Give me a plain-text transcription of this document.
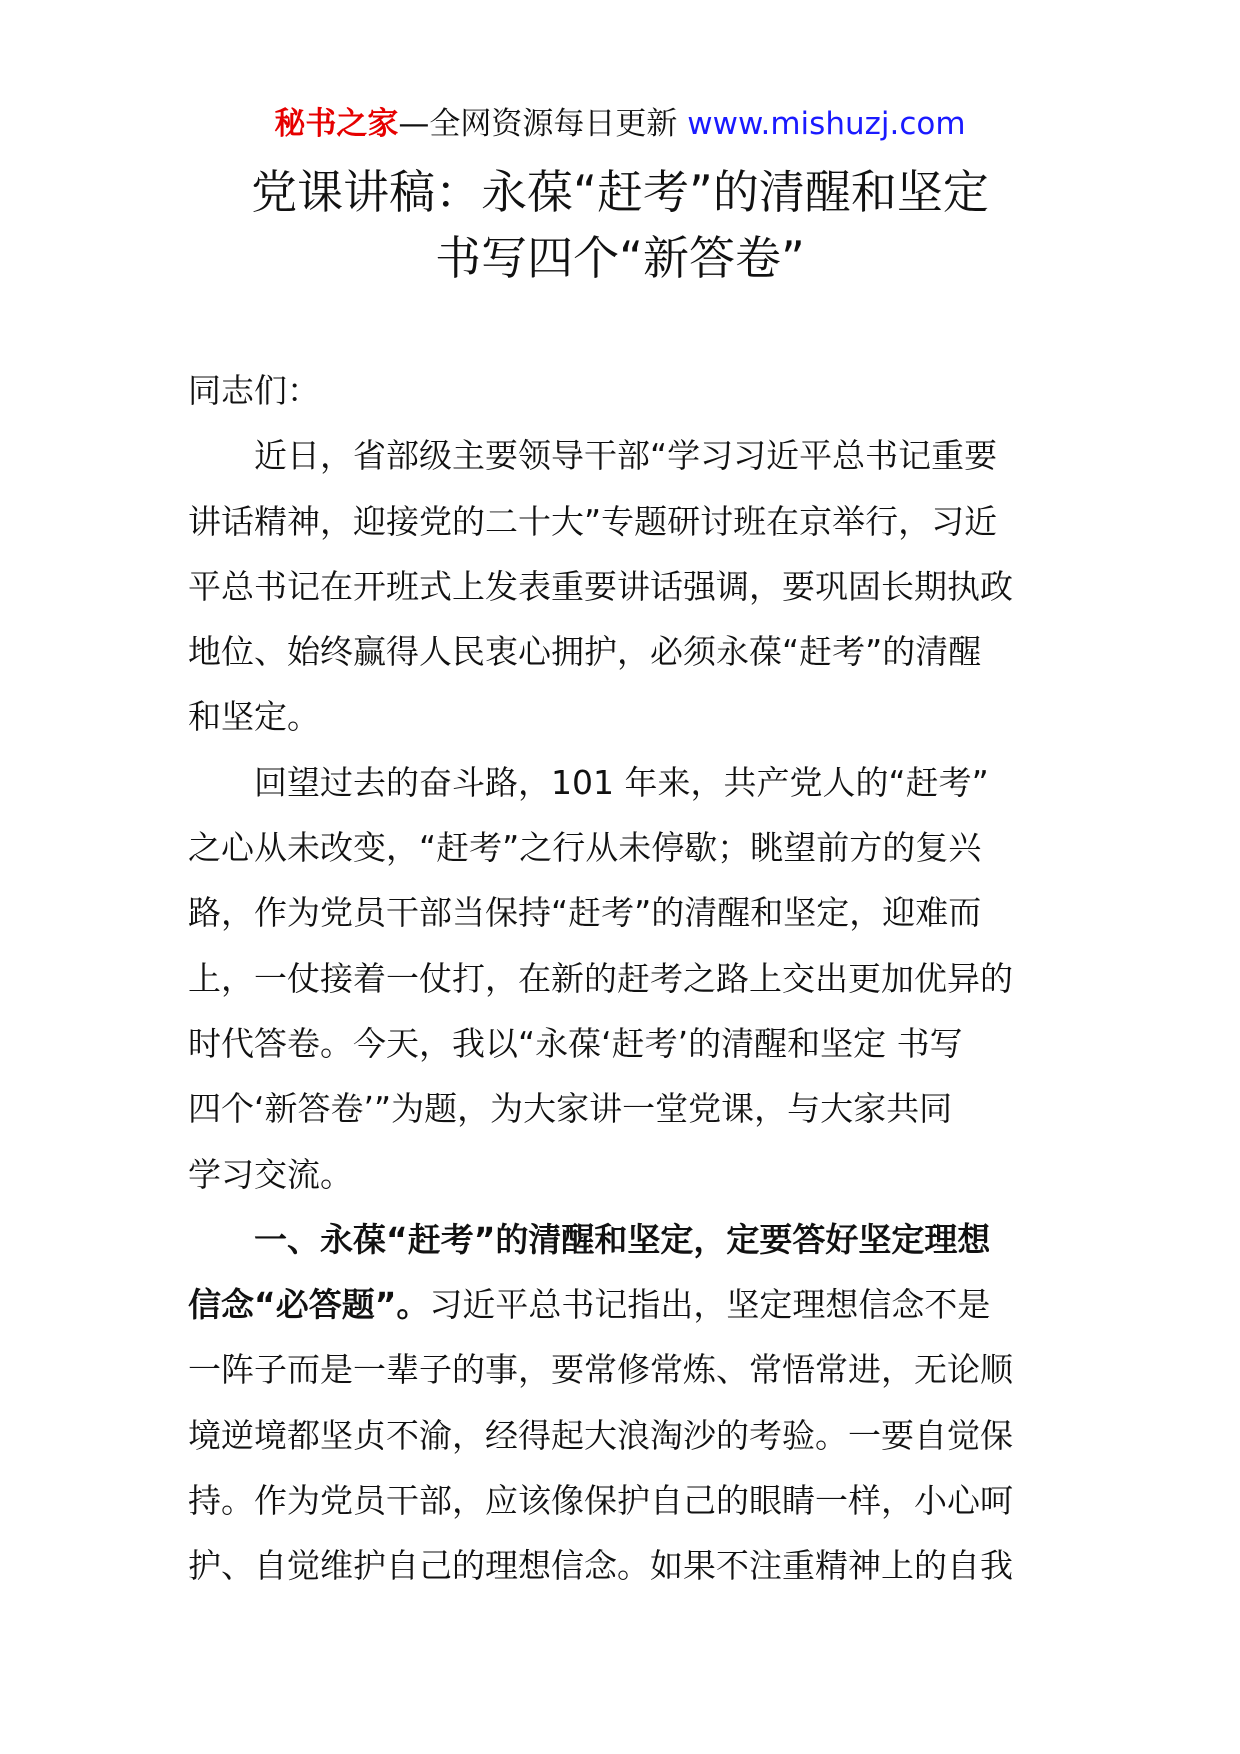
秘书之家—全网资源每日更新 www.mishuzj.com
党课讲稿：永葆“赶考”的清醒和坚定
书写四个“新答卷”
同志们：
近日，省部级主要领导干部“学习习近平总书记重要
讲话精神，迎接党的二十大”专题研讨班在京举行，习近
平总书记在开班式上发表重要讲话强调，要巩固长期执政
地位、始终赢得人民衷心拥护，必须永葆“赶考”的清醒
和坚定。
回望过去的奋斗路，101 年来，共产党人的“赶考”
之心从未改变，“赶考”之行从未停歇；眺望前方的复兴
路，作为党员干部当保持“赶考”的清醒和坚定，迎难而
上，一仗接着一仗打，在新的赶考之路上交出更加优异的
时代答卷。今天，我以“永葆‘赶考’的清醒和坚定 书写
四个‘新答卷’”为题，为大家讲一堂党课，与大家共同
学习交流。
一、永葆“赶考”的清醒和坚定，定要答好坚定理想
信念“必答题”。习近平总书记指出，坚定理想信念不是
一阵子而是一辈子的事，要常修常炼、常悟常进，无论顺
境逆境都坚贞不渝，经得起大浪淘沙的考验。一要自觉保
持。作为党员干部，应该像保护自己的眼睛一样，小心呵
护、自觉维护自己的理想信念。如果不注重精神上的自我
